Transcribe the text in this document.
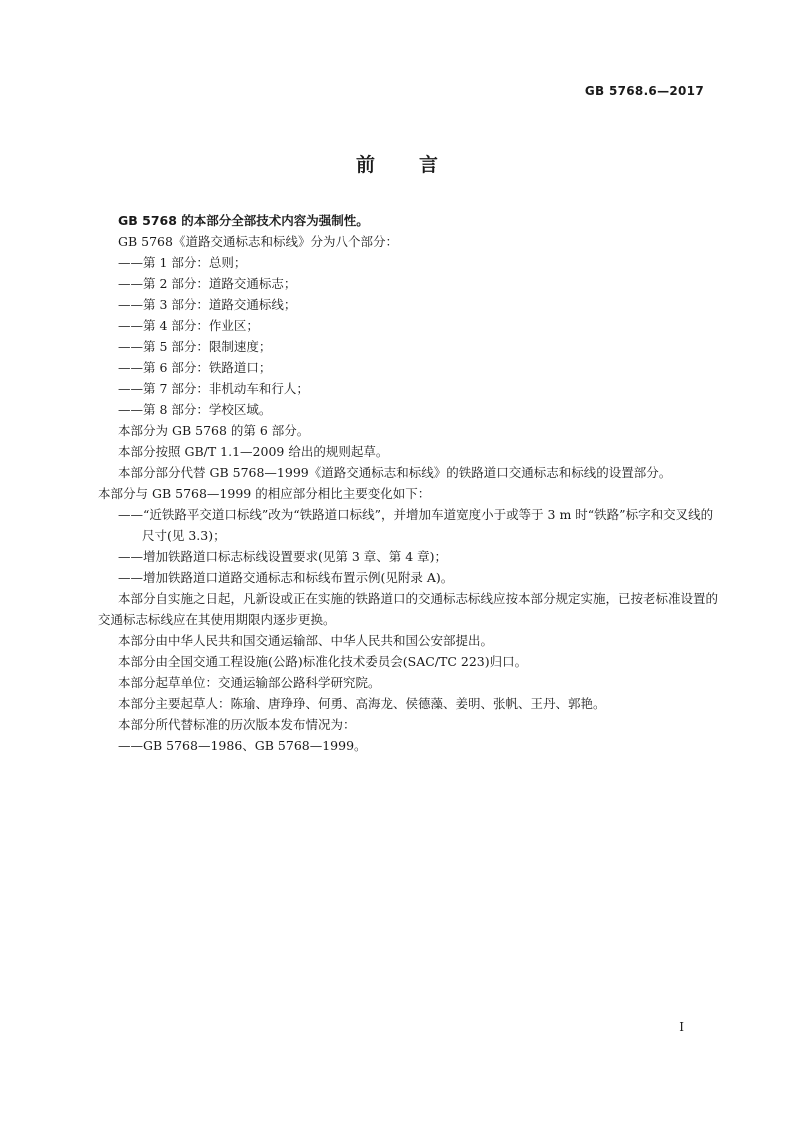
GB 5768.6—2017
前言

GB 5768 的本部分全部技术内容为强制性。

GB 5768《道路交通标志和标线》分为八个部分：

——第 1 部分：总则；

——第 2 部分：道路交通标志；

——第 3 部分：道路交通标线；

——第 4 部分：作业区；

——第 5 部分：限制速度；

——第 6 部分：铁路道口；

——第 7 部分：非机动车和行人；

——第 8 部分：学校区域。

本部分为 GB 5768 的第 6 部分。

本部分按照 GB/T 1.1—2009 给出的规则起草。

本部分部分代替 GB 5768—1999《道路交通标志和标线》的铁路道口交通标志和标线的设置部分。

本部分与 GB 5768—1999 的相应部分相比主要变化如下：

——“近铁路平交道口标线”改为“铁路道口标线”，并增加车道宽度小于或等于 3 m 时“铁路”标字和交叉线的尺寸(见 3.3)；

——增加铁路道口标志标线设置要求(见第 3 章、第 4 章)；

——增加铁路道口道路交通标志和标线布置示例(见附录 A)。

本部分自实施之日起，凡新设或正在实施的铁路道口的交通标志标线应按本部分规定实施，已按老标准设置的交通标志标线应在其使用期限内逐步更换。

本部分由中华人民共和国交通运输部、中华人民共和国公安部提出。

本部分由全国交通工程设施(公路)标准化技术委员会(SAC/TC 223)归口。

本部分起草单位：交通运输部公路科学研究院。

本部分主要起草人：陈瑜、唐琤琤、何勇、高海龙、侯德藻、姜明、张帆、王丹、郭艳。

本部分所代替标准的历次版本发布情况为：

——GB 5768—1986、GB 5768—1999。

I
